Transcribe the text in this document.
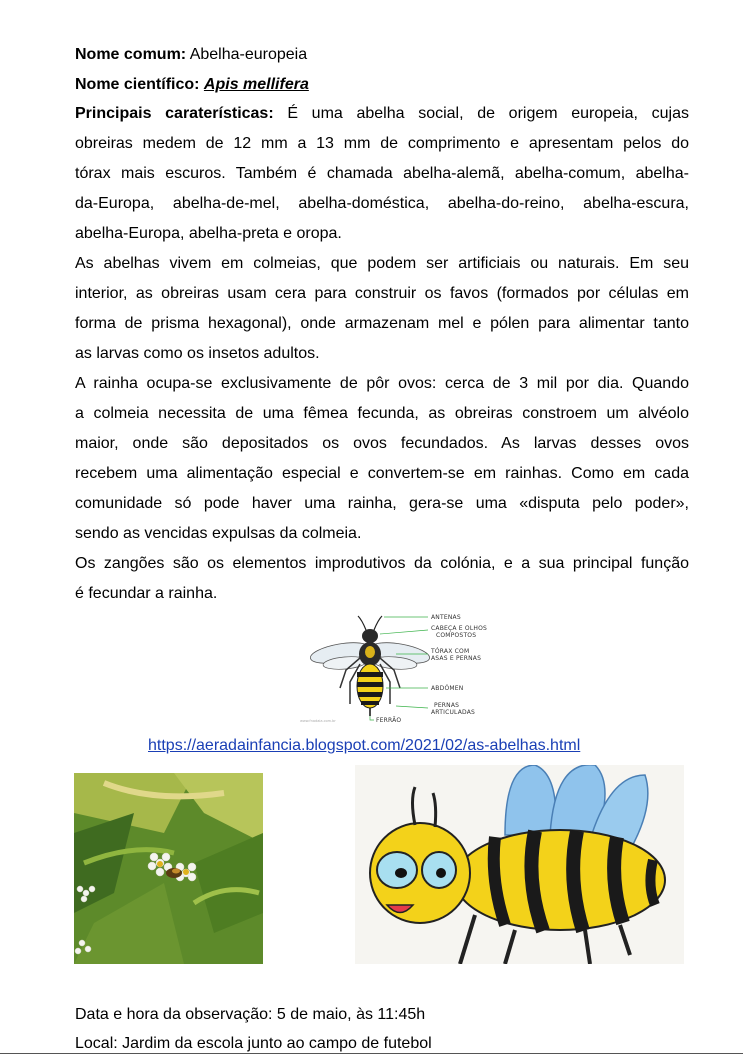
Nome comum: Abelha-europeia
Nome científico: Apis mellifera
Principais caraterísticas: É uma abelha social, de origem europeia, cujas
obreiras medem de 12 mm a 13 mm de comprimento e apresentam pelos do
tórax mais escuros. Também é chamada abelha-alemã, abelha-comum, abelha-
da-Europa, abelha-de-mel, abelha-doméstica, abelha-do-reino, abelha-escura,
abelha-Europa, abelha-preta e oropa.
As abelhas vivem em colmeias, que podem ser artificiais ou naturais. Em seu
interior, as obreiras usam cera para construir os favos (formados por células em
forma de prisma hexagonal), onde armazenam mel e pólen para alimentar tanto
as larvas como os insetos adultos.
A rainha ocupa-se exclusivamente de pôr ovos: cerca de 3 mil por dia. Quando
a colmeia necessita de uma fêmea fecunda, as obreiras constroem um alvéolo
maior, onde são depositados os ovos fecundados. As larvas desses ovos
recebem uma alimentação especial e convertem-se em rainhas. Como em cada
comunidade só pode haver uma rainha, gera-se uma «disputa pelo poder»,
sendo as vencidas expulsas da colmeia.
Os zangões são os elementos improdutivos da colónia, e a sua principal função
é fecundar a rainha.
ANTENAS
CABEÇA E OLHOS
COMPOSTOS
TÓRAX COM
ASAS E PERNAS
ABDÓMEN
PERNAS
ARTICULADAS
FERRÃO
www.fnadaia.com.br
https://aeradainfancia.blogspot.com/2021/02/as-abelhas.html
Data e hora da observação: 5 de maio, às 11:45h
Local: Jardim da escola junto ao campo de futebol
